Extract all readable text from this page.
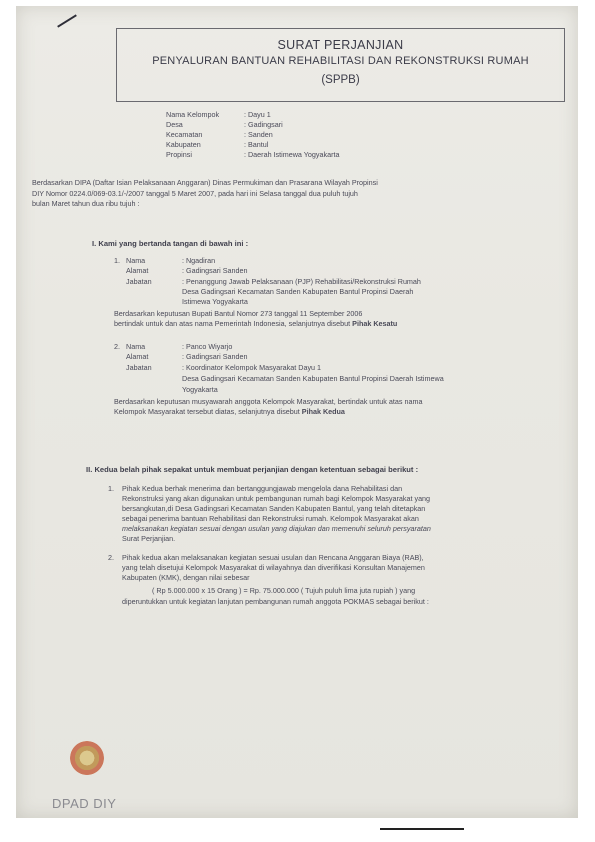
SURAT PERJANJIAN
PENYALURAN BANTUAN REHABILITASI DAN REKONSTRUKSI RUMAH
(SPPB)
Nama Kelompok	: Dayu 1
Desa	: Gadingsari
Kecamatan	: Sanden
Kabupaten	: Bantul
Propinsi	: Daerah Istimewa Yogyakarta
Berdasarkan DIPA (Daftar Isian Pelaksanaan Anggaran) Dinas Permukiman dan Prasarana Wilayah Propinsi
DIY Nomor 0224.0/069-03.1/-/2007 tanggal 5 Maret 2007, pada hari ini Selasa tanggal dua puluh tujuh
bulan Maret tahun dua ribu tujuh :
I. Kami yang bertanda tangan di bawah ini :
1. Nama	: Ngadiran
Alamat	: Gadingsari Sanden
Jabatan	: Penanggung Jawab Pelaksanaan (PJP) Rehabilitasi/Rekonstruksi Rumah
Desa Gadingsari Kecamatan Sanden Kabupaten Bantul Propinsi Daerah
Istimewa Yogyakarta
Berdasarkan keputusan Bupati Bantul Nomor 273 tanggal 11 September 2006
bertindak untuk dan atas nama Pemerintah Indonesia, selanjutnya disebut Pihak Kesatu
2. Nama	: Panco Wiyarjo
Alamat	: Gadingsari Sanden
Jabatan	: Koordinator Kelompok Masyarakat Dayu 1
Desa Gadingsari Kecamatan Sanden Kabupaten Bantul Propinsi Daerah Istimewa
Yogyakarta
Berdasarkan keputusan musyawarah anggota Kelompok Masyarakat, bertindak untuk atas nama
Kelompok Masyarakat tersebut diatas, selanjutnya disebut Pihak Kedua
II. Kedua belah pihak sepakat untuk membuat perjanjian dengan ketentuan sebagai berikut :
1. Pihak Kedua berhak menerima dan bertanggungjawab mengelola dana Rehabilitasi dan
Rekonstruksi yang akan digunakan untuk pembangunan rumah bagi Kelompok Masyarakat yang
bersangkutan,di Desa Gadingsari Kecamatan Sanden Kabupaten Bantul, yang telah ditetapkan
sebagai penerima bantuan Rehabilitasi dan Rekonstruksi rumah. Kelompok Masyarakat akan
melaksanakan kegiatan sesuai dengan usulan yang diajukan dan memenuhi seluruh persyaratan
Surat Perjanjian.
2. Pihak kedua akan melaksanakan kegiatan sesuai usulan dan Rencana Anggaran Biaya (RAB),
yang telah disetujui Kelompok Masyarakat di wilayahnya dan diverifikasi Konsultan Manajemen
Kabupaten (KMK), dengan nilai sebesar
( Rp 5.000.000 x 15 Orang ) = Rp. 75.000.000 ( Tujuh puluh lima juta rupiah ) yang
diperuntukkan untuk kegiatan lanjutan pembangunan rumah anggota POKMAS sebagai berikut :
DPAD DIY
